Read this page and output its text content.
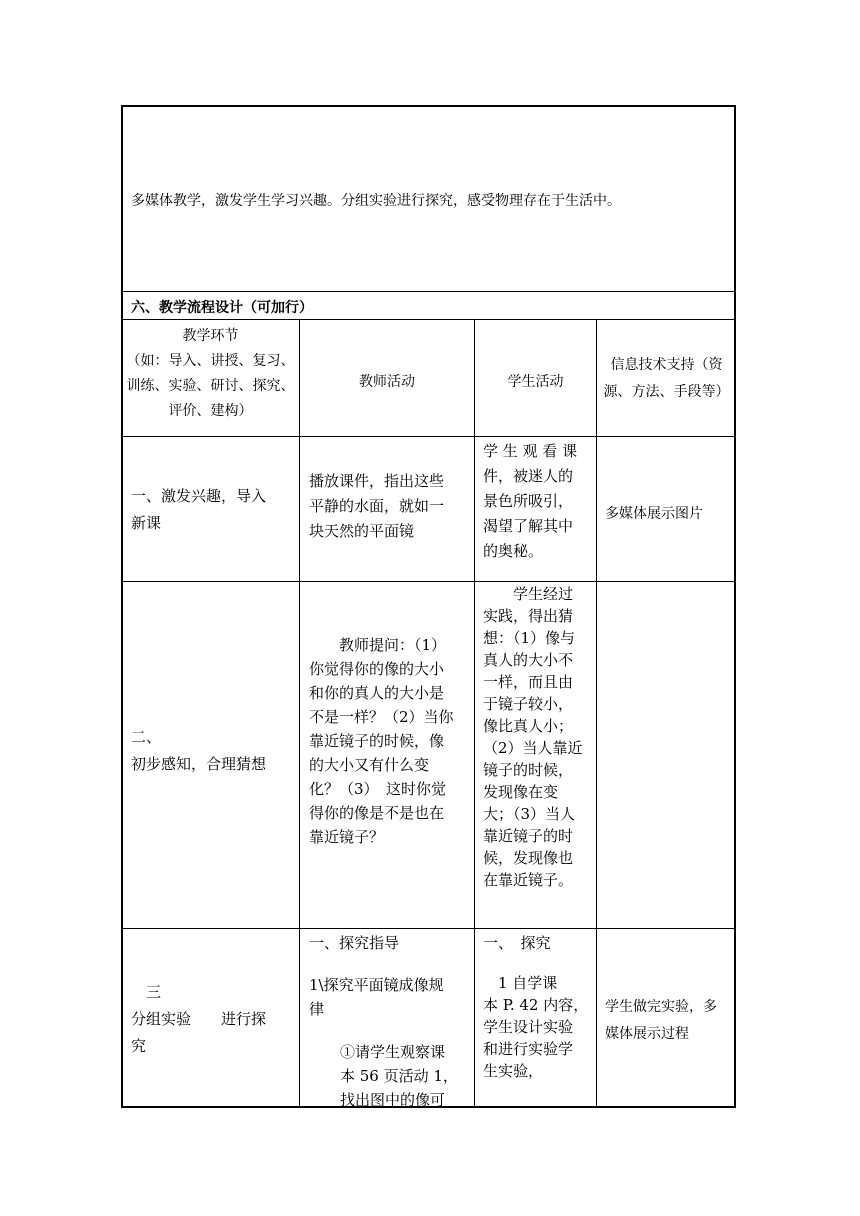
多媒体教学，激发学生学习兴趣。分组实验进行探究，感受物理存在于生活中。

六、教学流程设计（可加行）

教学环节
（如：导入、讲授、复习、
训练、实验、研讨、探究、
评价、建构）
教师活动	学生活动
信息技术支持（资
源、方法、手段等）
一、激发兴趣，导入
新课
播放课件，指出这些
平静的水面，就如一
块天然的平面镜
学 生 观 看 课
件，被迷人的
景色所吸引，
渴望了解其中
的奥秘。
多媒体展示图片
二、
初步感知，合理猜想
　　教师提问：（1）
你觉得你的像的大小
和你的真人的大小是
不是一样？（2）当你
靠近镜子的时候，像
的大小又有什么变
化？（3）　这时你觉
得你的像是不是也在
靠近镜子？
　　学生经过
实践，得出猜
想：（1）像与
真人的大小不
一样，而且由
于镜子较小，
像比真人小；
（2）当人靠近
镜子的时候，
发现像在变
大；（3）当人
靠近镜子的时
候，发现像也
在靠近镜子。
　三
分组实验　　进行探
究
一、探究指导
1\探究平面镜成像规
律
①请学生观察课
本 56 页活动 1，
找出图中的像可
一、　探究
　1 自学课
本 P. 42 内容，
学生设计实验
和进行实验学
生实验，
学生做完实验，多
媒体展示过程
